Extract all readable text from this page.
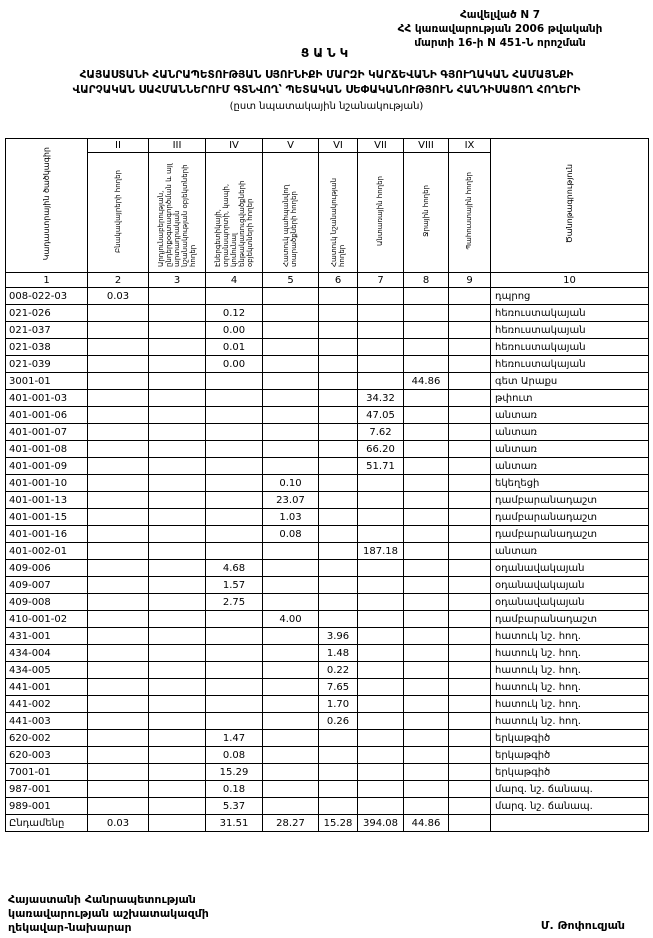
Հավելված N 7
ՀՀ կառավարության 2006 թվականի
մարտի 16-ի N 451-Ն որոշման
ՑԱՆԿ
ՀԱՅԱՍՏԱՆԻ ՀԱՆՐԱՊԵՏՈՒԹՅԱՆ ՍՅՈՒՆԻՔԻ ՄԱՐԶԻ ԿԱՐՃԵՎԱՆԻ ԳՅՈՒՂԱԿԱՆ ՀԱՄԱՅՆՔԻ
ՎԱՐՉԱԿԱՆ ՍԱՀՄԱՆՆԵՐՈՒՄ ԳՏՆՎՈՂ՝ ՊԵՏԱԿԱՆ ՍԵՓԱԿԱՆՈՒԹՅՈՒՆ ՀԱՆԴԻՍԱՑՈՂ ՀՈՂԵՐԻ
(ըստ նպատակային նշանակության)
Կադաստրային ծածկագիր	II	III	IV	V	VI	VII	VIII	IX	Ծանոթագրություն
	Բնակավայրերի հողեր	Արդյունաբերության, ընդերքօգտագործման և այլ արտադրական նշանակության օբյեկտների հողեր	Էներգետիկայի, տրանսպորտի, կապի, կոմունալ ենթակառուցվածքների օբյեկտների հողեր	Հատուկ պահպանվող տարածքների հողեր	Հատուկ նշանակության հողեր	Անտառային հողեր	Ջրային հողեր	Պահուստային հողեր	
1	2	3	4	5	6	7	8	9	10
008-022-03	0.03								դպրոց
021-026			0.12						հեռուստակայան
021-037			0.00						հեռուստակայան
021-038			0.01						հեռուստակայան
021-039			0.00						հեռուստակայան
3001-01							44.86		գետ Արաքս
401-001-03						34.32			թփուտ
401-001-06						47.05			անտառ
401-001-07						7.62			անտառ
401-001-08						66.20			անտառ
401-001-09						51.71			անտառ
401-001-10				0.10					եկեղեցի
401-001-13				23.07					դամբարանադաշտ
401-001-15				1.03					դամբարանադաշտ
401-001-16				0.08					դամբարանադաշտ
401-002-01						187.18			անտառ
409-006			4.68						օդանավակայան
409-007			1.57						օդանավակայան
409-008			2.75						օդանավակայան
410-001-02				4.00					դամբարանադաշտ
431-001					3.96				հատուկ նշ. հող.
434-004					1.48				հատուկ նշ. հող.
434-005					0.22				հատուկ նշ. հող.
441-001					7.65				հատուկ նշ. հող.
441-002					1.70				հատուկ նշ. հող.
441-003					0.26				հատուկ նշ. հող.
620-002			1.47						երկաթգիծ
620-003			0.08						երկաթգիծ
7001-01			15.29						երկաթգիծ
987-001			0.18						մարզ. նշ. ճանապ.
989-001			5.37						մարզ. նշ. ճանապ.
Ընդամենը	0.03		31.51	28.27	15.28	394.08	44.86		
Հայաստանի Հանրապետության
կառավարության աշխատակազմի
ղեկավար-նախարար	Մ. Թոփուզյան
